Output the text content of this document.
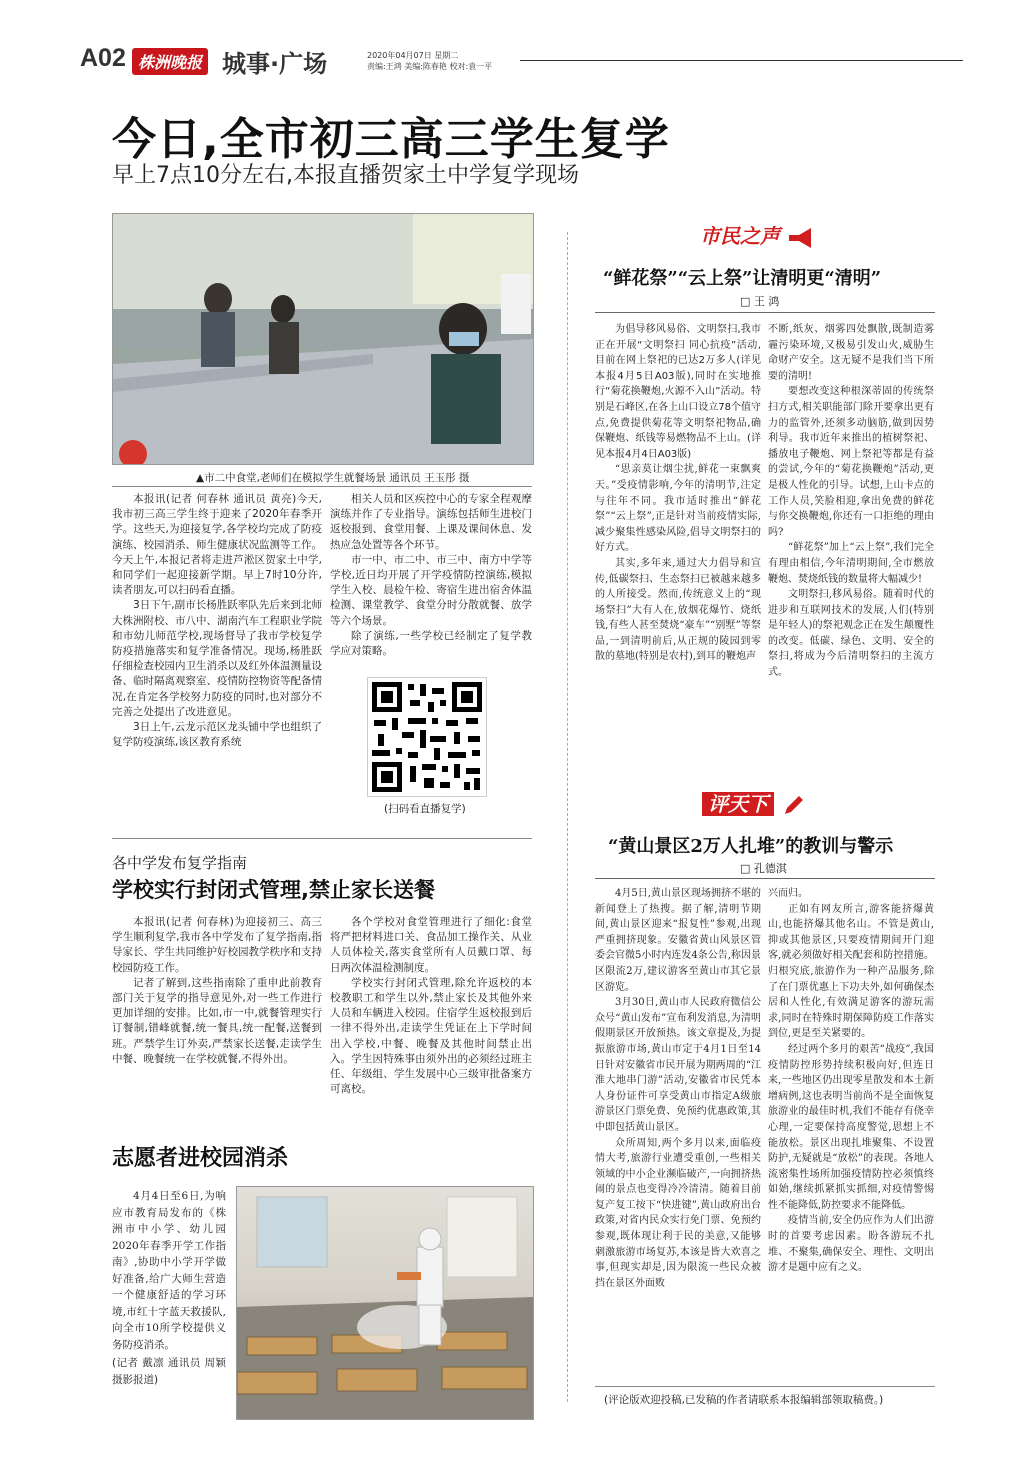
A02 株洲晚报 城事·广场	2020年04月07日 星期二
责编:王鸿 美编:陈春艳 校对:袁一平
今日,全市初三高三学生复学
早上7点10分左右,本报直播贺家土中学复学现场
▲市二中食堂,老师们在模拟学生就餐场景 通讯员 王玉彤 摄

本报讯(记者 何春林 通讯员 黄亮)今天,我市初三高三学生终于迎来了2020年春季开学。这些天,为迎接复学,各学校均完成了防疫演练、校园消杀、师生健康状况监测等工作。今天上午,本报记者将走进芦淞区贺家土中学,和同学们一起迎接新学期。早上7时10分许,读者朋友,可以扫码看直播。

3日下午,副市长杨胜跃率队先后来到北师大株洲附校、市八中、湖南汽车工程职业学院和市幼儿师范学校,现场督导了我市学校复学防疫措施落实和复学准备情况。现场,杨胜跃仔细检查校园内卫生消杀以及红外体温测量设备、临时隔离观察室、疫情防控物资等配备情况,在肯定各学校努力防疫的同时,也对部分不完善之处提出了改进意见。

3日上午,云龙示范区龙头铺中学也组织了复学防疫演练,该区教育系统

相关人员和区疾控中心的专家全程观摩演练并作了专业指导。演练包括师生进校门返校报到、食堂用餐、上课及课间休息、发热应急处置等各个环节。

市一中、市二中、市三中、南方中学等学校,近日均开展了开学疫情防控演练,模拟学生入校、晨检午检、寄宿生进出宿舍体温检测、课堂教学、食堂分时分散就餐、放学等六个场景。

除了演练,一些学校已经制定了复学教学应对策略。

(扫码看直播复学)
各中学发布复学指南
学校实行封闭式管理,禁止家长送餐

本报讯(记者 何春林)为迎接初三、高三学生顺利复学,我市各中学发布了复学指南,指导家长、学生共同维护好校园教学秩序和支持校园防疫工作。

记者了解到,这些指南除了重申此前教育部门关于复学的指导意见外,对一些工作进行更加详细的安排。比如,市一中,就餐管理实行订餐制,错峰就餐,统一餐具,统一配餐,送餐到班。严禁学生订外卖,严禁家长送餐,走读学生中餐、晚餐统一在学校就餐,不得外出。

各个学校对食堂管理进行了细化:食堂将严把材料进口关、食品加工操作关、从业人员体检关,落实食堂所有人员戴口罩、每日两次体温检测制度。

学校实行封闭式管理,除允许返校的本校教职工和学生以外,禁止家长及其他外来人员和车辆进入校园。住宿学生返校报到后一律不得外出,走读学生凭证在上下学时间出入学校,中餐、晚餐及其他时间禁止出入。学生因特殊事由须外出的必须经过班主任、年级组、学生发展中心三级审批备案方可离校。

志愿者进校园消杀

4月4日至6日,为响应市教育局发布的《株洲市中小学、幼儿园2020年春季开学工作指南》,协助中小学开学做好准备,给广大师生营造一个健康舒适的学习环境,市红十字蓝天救援队,向全市10所学校提供义务防疫消杀。

(记者 戴凛 通讯员 周颖 摄影报道)
市民之声
“鲜花祭”“云上祭”让清明更“清明”
□ 王 鸿

为倡导移风易俗、文明祭扫,我市正在开展“文明祭扫 同心抗疫”活动,目前在网上祭祀的已达2万多人(详见本报4月5日A03版),同时在实地推行“菊花换鞭炮,火源不入山”活动。特别是石峰区,在各上山口设立78个值守点,免费提供菊花等文明祭祀物品,确保鞭炮、纸钱等易燃物品不上山。(详见本报4月4日A03版)

“思亲莫让烟尘扰,鲜花一束飘爽天。”受疫情影响,今年的清明节,注定与往年不同。我市适时推出“鲜花祭”“云上祭”,正是针对当前疫情实际,减少聚集性感染风险,倡导文明祭扫的好方式。

其实,多年来,通过大力倡导和宣传,低碳祭扫、生态祭扫已被越来越多的人所接受。然而,传统意义上的“现场祭扫”大有人在,放烟花爆竹、烧纸钱,有些人甚至焚烧“豪车”“别墅”等祭品,一到清明前后,从正规的陵园到零散的墓地(特别是农村),到耳的鞭炮声

不断,纸灰、烟雾四处飘散,既制造雾霾污染环境,又极易引发山火,威胁生命财产安全。这无疑不是我们当下所要的清明!

要想改变这种根深蒂固的传统祭扫方式,相关职能部门除开要拿出更有力的监管外,还须多动脑筋,做到因势利导。我市近年来推出的植树祭祀、播放电子鞭炮、网上祭祀等都是有益的尝试,今年的“菊花换鞭炮”活动,更是极人性化的引导。试想,上山卡点的工作人员,笑脸相迎,拿出免费的鲜花与你交换鞭炮,你还有一口拒绝的理由吗?

“鲜花祭”加上“云上祭”,我们完全有理由相信,今年清明期间,全市燃放鞭炮、焚烧纸钱的数量将大幅减少!

文明祭扫,移风易俗。随着时代的进步和互联网技术的发展,人们(特别是年轻人)的祭祀观念正在发生颠覆性的改变。低碳、绿色、文明、安全的祭扫,将成为今后清明祭扫的主流方式。

评天下
“黄山景区2万人扎堆”的教训与警示
□ 孔德淇

4月5日,黄山景区现场拥挤不堪的新闻登上了热搜。据了解,清明节期间,黄山景区迎来“报复性”参观,出现严重拥挤现象。安徽省黄山风景区管委会官微5小时内连发4条公告,称因景区限流2万,建议游客至黄山市其它景区游览。

3月30日,黄山市人民政府微信公众号“黄山发布”宣布利发消息,为清明假期景区开放预热。该文章提及,为提振旅游市场,黄山市定于4月1日至14日针对安徽省市民开展为期两周的“江淮大地串门游”活动,安徽省市民凭本人身份证件可享受黄山市指定A级旅游景区门票免费、免预约优惠政策,其中即包括黄山景区。

众所周知,两个多月以来,面临疫情大考,旅游行业遭受重创,一些相关领域的中小企业濒临破产,一向拥挤热闹的景点也变得冷冷清清。随着目前复产复工按下“快进键”,黄山政府出台政策,对省内民众实行免门票、免预约参观,既体现让利于民的美意,又能够刺激旅游市场复苏,本该是皆大欢喜之事,但现实却是,因为限流一些民众被挡在景区外面败

兴而归。

正如有网友所言,游客能挤爆黄山,也能挤爆其他名山。不管是黄山,抑或其他景区,只要疫情期间开门迎客,就必须做好相关配套和防控措施。归根究底,旅游作为一种产品服务,除了在门票优惠上下功夫外,如何确保杰居和人性化,有效满足游客的游玩需求,同时在特殊时期保障防疫工作落实到位,更是至关紧要的。

经过两个多月的艰苦“战疫”,我国疫情防控形势持续积极向好,但连日来,一些地区仍出现零星散发和本土新增病例,这也表明当前尚不是全面恢复旅游业的最佳时机,我们不能存有侥幸心理,一定要保持高度警觉,思想上不能放松。景区出现扎堆聚集、不设置防护,无疑就是“放松”的表现。各地人流密集性场所加强疫情防控必须慎终如始,继续抓紧抓实抓细,对疫情警惕性不能降低,防控要求不能降低。

疫情当前,安全仍应作为人们出游时的首要考虑因素。盼各游玩不扎堆、不聚集,确保安全、理性、文明出游才是题中应有之义。

(评论版欢迎投稿,已发稿的作者请联系本报编辑部领取稿费。)
